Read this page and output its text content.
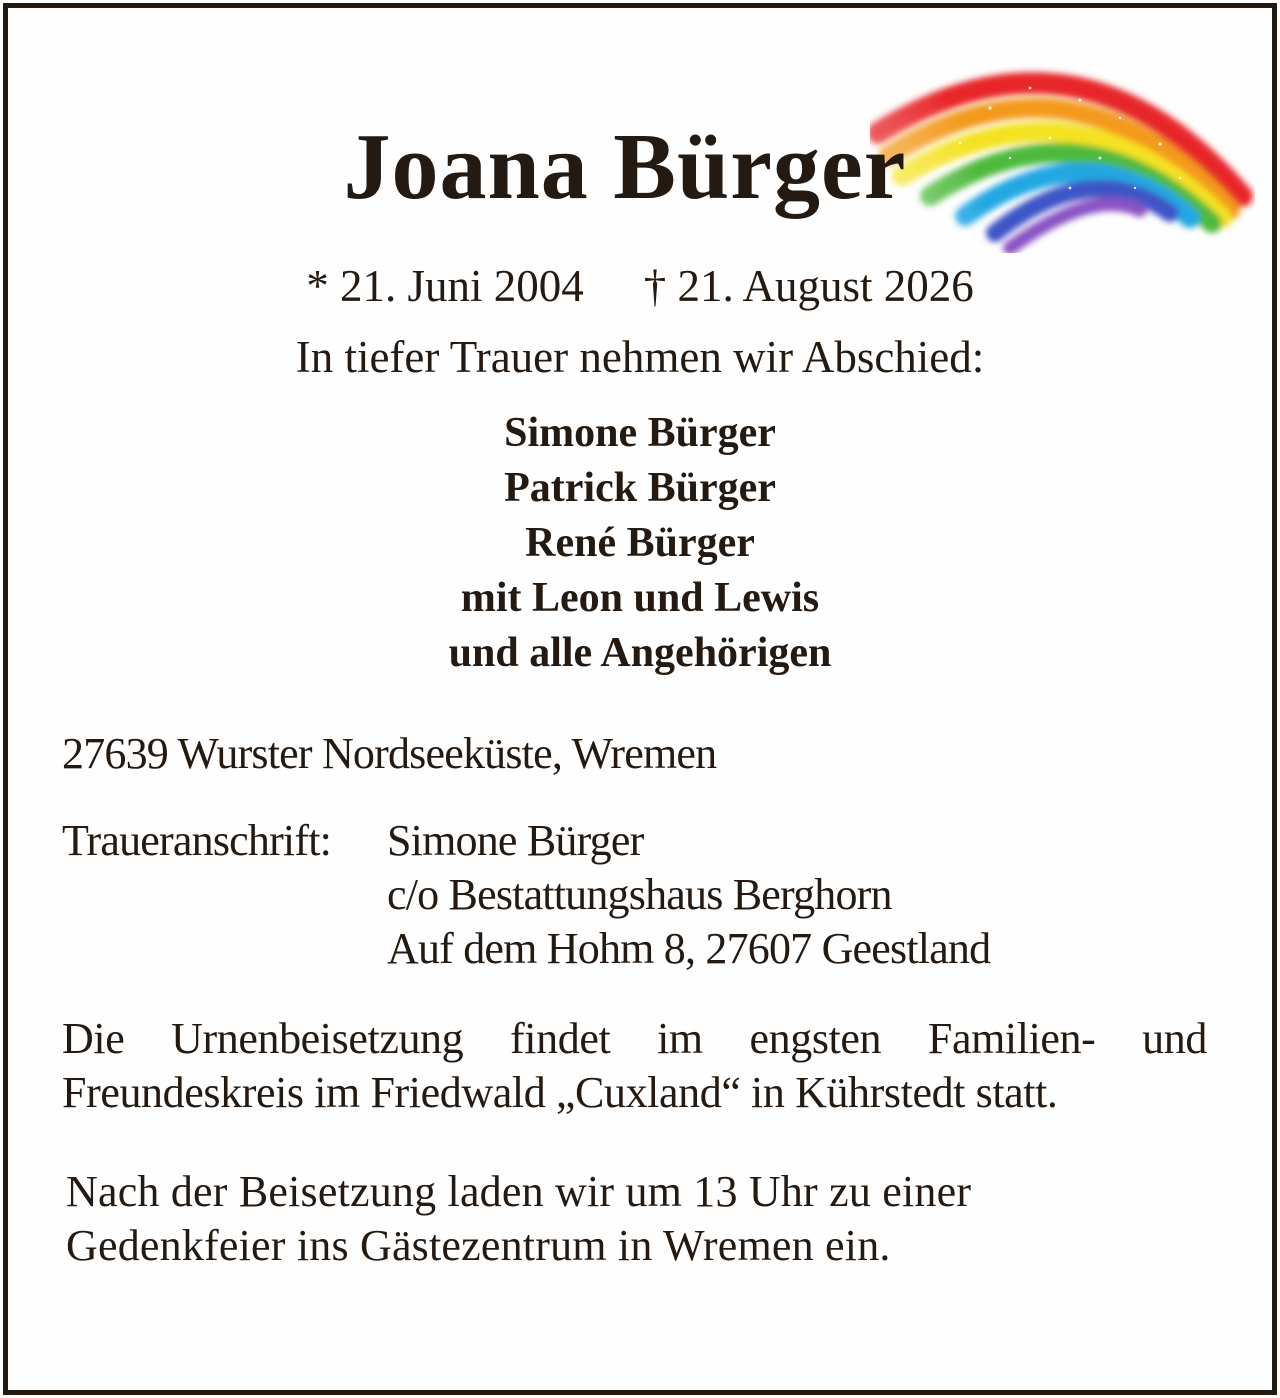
Joana Bürger
* 21. Juni 2004 † 21. August 2026
In tiefer Trauer nehmen wir Abschied:
Simone Bürger
Patrick Bürger
René Bürger
mit Leon und Lewis
und alle Angehörigen
27639 Wurster Nordseeküste, Wremen
Traueranschrift: Simone Bürger
c/o Bestattungshaus Berghorn
Auf dem Hohm 8, 27607 Geestland
Die Urnenbeisetzung findet im engsten Familien- und
Freundeskreis im Friedwald „Cuxland“ in Kührstedt statt.
Nach der Beisetzung laden wir um 13 Uhr zu einer
Gedenkfeier ins Gästezentrum in Wremen ein.
